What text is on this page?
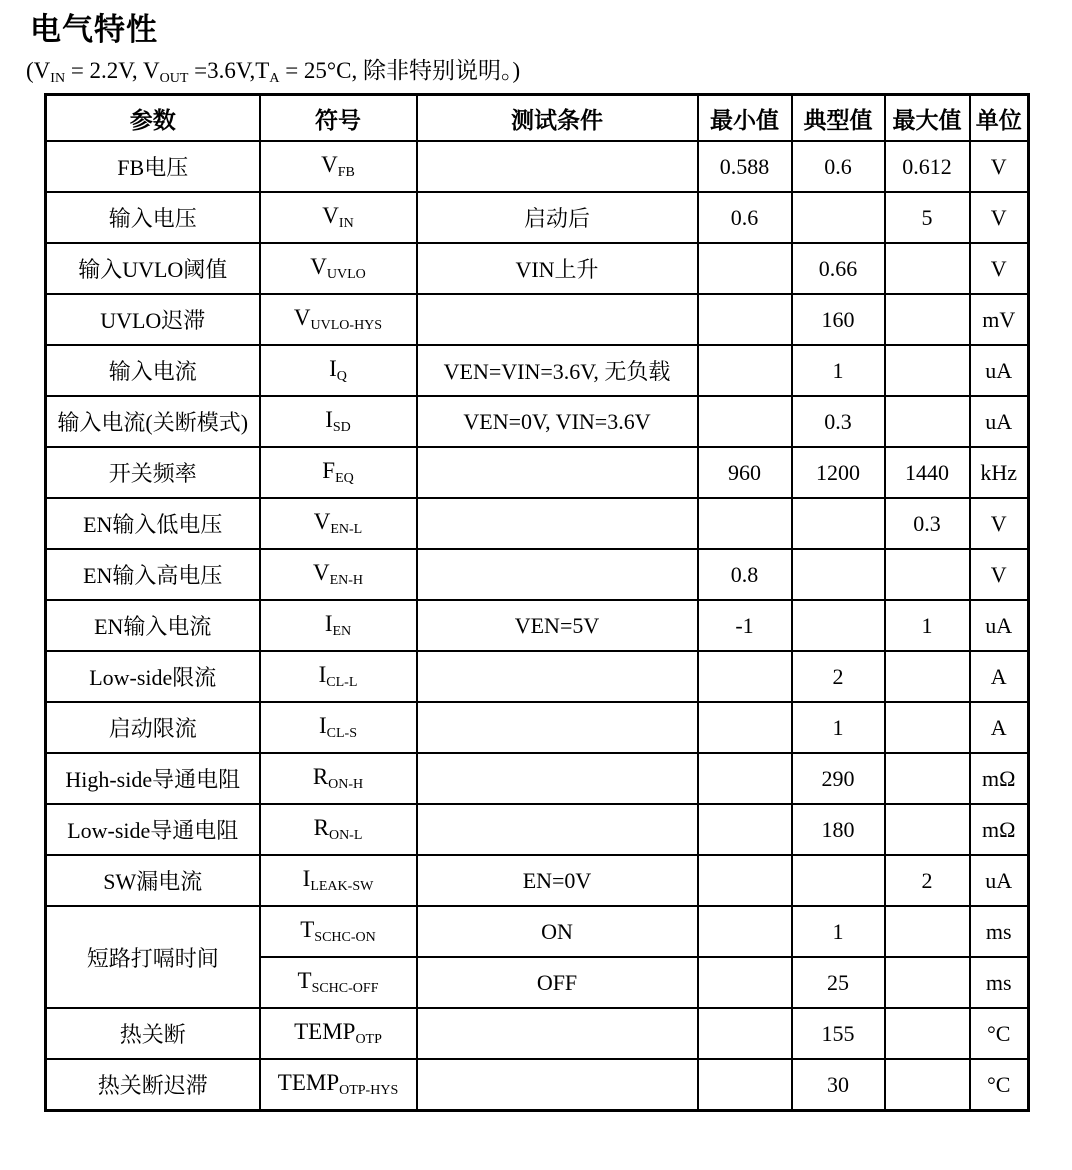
电气特性
(VIN = 2.2V, VOUT =3.6V,TA = 25°C, 除非特别说明。)
参数	符号	测试条件	最小值	典型值	最大值	单位
FB电压	VFB		0.588	0.6	0.612	V
输入电压	VIN	启动后	0.6		5	V
输入UVLO阈值	VUVLO	VIN上升		0.66		V
UVLO迟滞	VUVLO-HYS			160		mV
输入电流	IQ	VEN=VIN=3.6V, 无负载		1		uA
输入电流(关断模式)	ISD	VEN=0V, VIN=3.6V		0.3		uA
开关频率	FEQ		960	1200	1440	kHz
EN输入低电压	VEN-L				0.3	V
EN输入高电压	VEN-H		0.8			V
EN输入电流	IEN	VEN=5V	-1		1	uA
Low-side限流	ICL-L			2		A
启动限流	ICL-S			1		A
High-side导通电阻	RON-H			290		mΩ
Low-side导通电阻	RON-L			180		mΩ
SW漏电流	ILEAK-SW	EN=0V			2	uA
短路打嗝时间	TSCHC-ON	ON		1		ms
	TSCHC-OFF	OFF		25		ms
热关断	TEMPOTP			155		°C
热关断迟滞	TEMPOTP-HYS			30		°C
